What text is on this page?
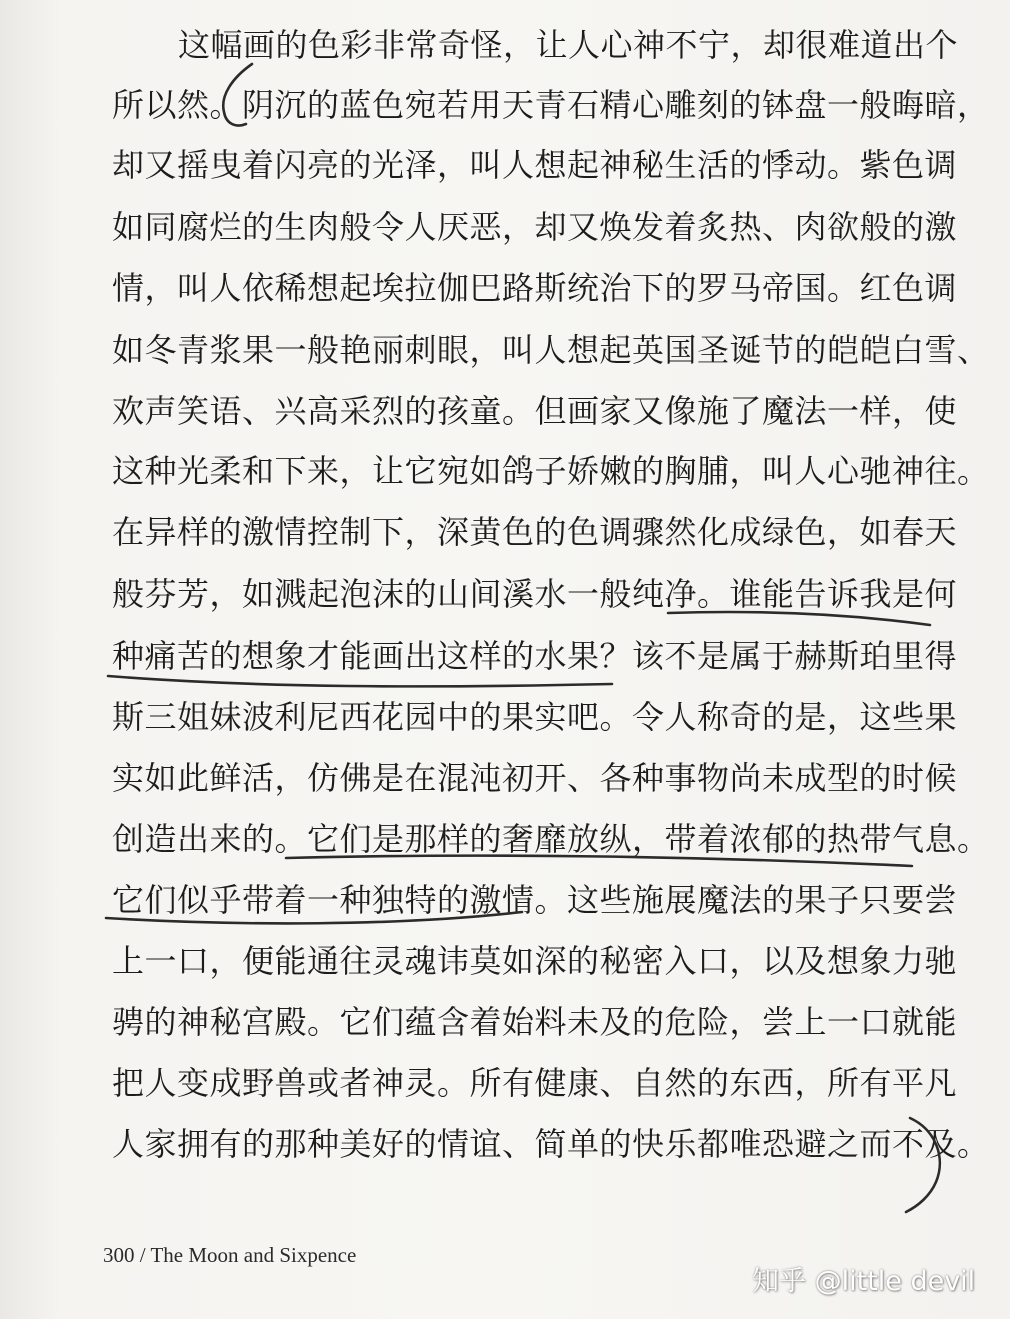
这幅画的色彩非常奇怪，让人心神不宁，却很难道出个
所以然。阴沉的蓝色宛若用天青石精心雕刻的钵盘一般晦暗，
却又摇曳着闪亮的光泽，叫人想起神秘生活的悸动。紫色调
如同腐烂的生肉般令人厌恶，却又焕发着炙热、肉欲般的激
情，叫人依稀想起埃拉伽巴路斯统治下的罗马帝国。红色调
如冬青浆果一般艳丽刺眼，叫人想起英国圣诞节的皑皑白雪、
欢声笑语、兴高采烈的孩童。但画家又像施了魔法一样，使
这种光柔和下来，让它宛如鸽子娇嫩的胸脯，叫人心驰神往。
在异样的激情控制下，深黄色的色调骤然化成绿色，如春天
般芬芳，如溅起泡沫的山间溪水一般纯净。谁能告诉我是何
种痛苦的想象才能画出这样的水果？该不是属于赫斯珀里得
斯三姐妹波利尼西花园中的果实吧。令人称奇的是，这些果
实如此鲜活，仿佛是在混沌初开、各种事物尚未成型的时候
创造出来的。它们是那样的奢靡放纵，带着浓郁的热带气息。
它们似乎带着一种独特的激情。这些施展魔法的果子只要尝
上一口，便能通往灵魂讳莫如深的秘密入口，以及想象力驰
骋的神秘宫殿。它们蕴含着始料未及的危险，尝上一口就能
把人变成野兽或者神灵。所有健康、自然的东西，所有平凡
人家拥有的那种美好的情谊、简单的快乐都唯恐避之而不及。
300 / The Moon and Sixpence
知乎 @little devil
